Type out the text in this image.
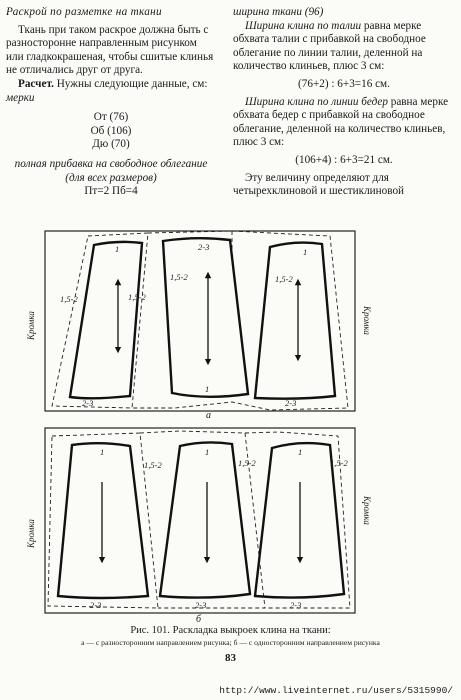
Раскрой по разметке на ткани

Ткань при таком раскрое должна быть с разносторонне направленным рисунком или гладкокрашеная, чтобы сшитые клинья не отличались друг от друга.

Расчет. Нужны следующие данные, см:

мерки

От (76)
Об (106)
Дю (70)

полная прибавка на свободное облегание (для всех размеров)

Пт=2 Пб=4

ширина ткани (96)

Ширина клина по талии равна мерке обхвата талии с прибавкой на свободное облегание по линии талии, деленной на количество клиньев, плюс 3 см:

(76+2) : 6+3=16 см.

Ширина клина по линии бедер равна мерке обхвата бедер с прибавкой на свободное облегание, деленной на количество клиньев, плюс 3 см:

(106+4) : 6+3=21 см.

Эту величину определяют для четырехклиновой и шестиклиновой

1	2-3	1
1,5-2
1,5-2	1,5-2
1,5-2
1
2-3	2-3
а
Кромка	Кромка
1	1	1
1,5-2	1,5-2	1,5-2
2-3	2-3	2-3
б
Кромка
Кромка
Рис. 101. Раскладка выкроек клина на ткани:
а — с разносторонним направлением рисунка; б — с односторонним направлением рисунка
83
http://www.liveinternet.ru/users/5315990/
